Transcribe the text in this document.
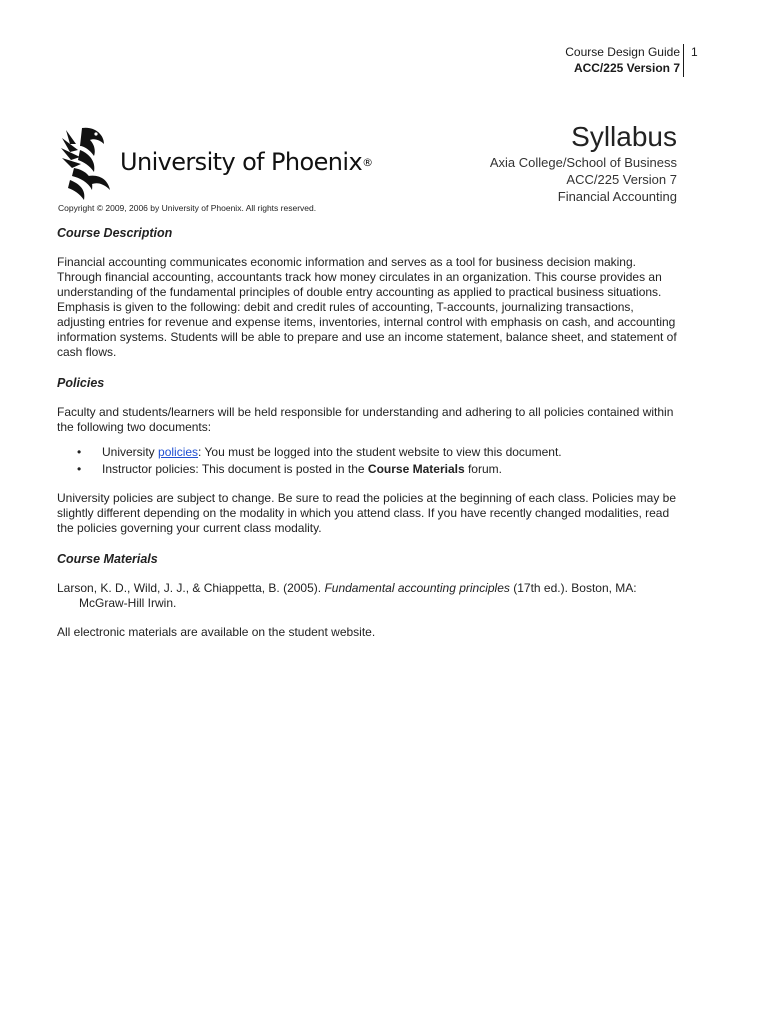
Course Design Guide
ACC/225 Version 7
1
University of Phoenix®
Syllabus
Axia College/School of Business
ACC/225 Version 7
Financial Accounting
Copyright © 2009, 2006 by University of Phoenix. All rights reserved.
Course Description

Financial accounting communicates economic information and serves as a tool for business decision making. Through financial accounting, accountants track how money circulates in an organization. This course provides an understanding of the fundamental principles of double entry accounting as applied to practical business situations. Emphasis is given to the following: debit and credit rules of accounting, T-accounts, journalizing transactions, adjusting entries for revenue and expense items, inventories, internal control with emphasis on cash, and accounting information systems. Students will be able to prepare and use an income statement, balance sheet, and statement of cash flows.

Policies

Faculty and students/learners will be held responsible for understanding and adhering to all policies contained within the following two documents:

• University policies: You must be logged into the student website to view this document.
• Instructor policies: This document is posted in the Course Materials forum.

University policies are subject to change. Be sure to read the policies at the beginning of each class. Policies may be slightly different depending on the modality in which you attend class. If you have recently changed modalities, read the policies governing your current class modality.

Course Materials

Larson, K. D., Wild, J. J., & Chiappetta, B. (2005). Fundamental accounting principles (17th ed.). Boston, MA: McGraw-Hill Irwin.

All electronic materials are available on the student website.
